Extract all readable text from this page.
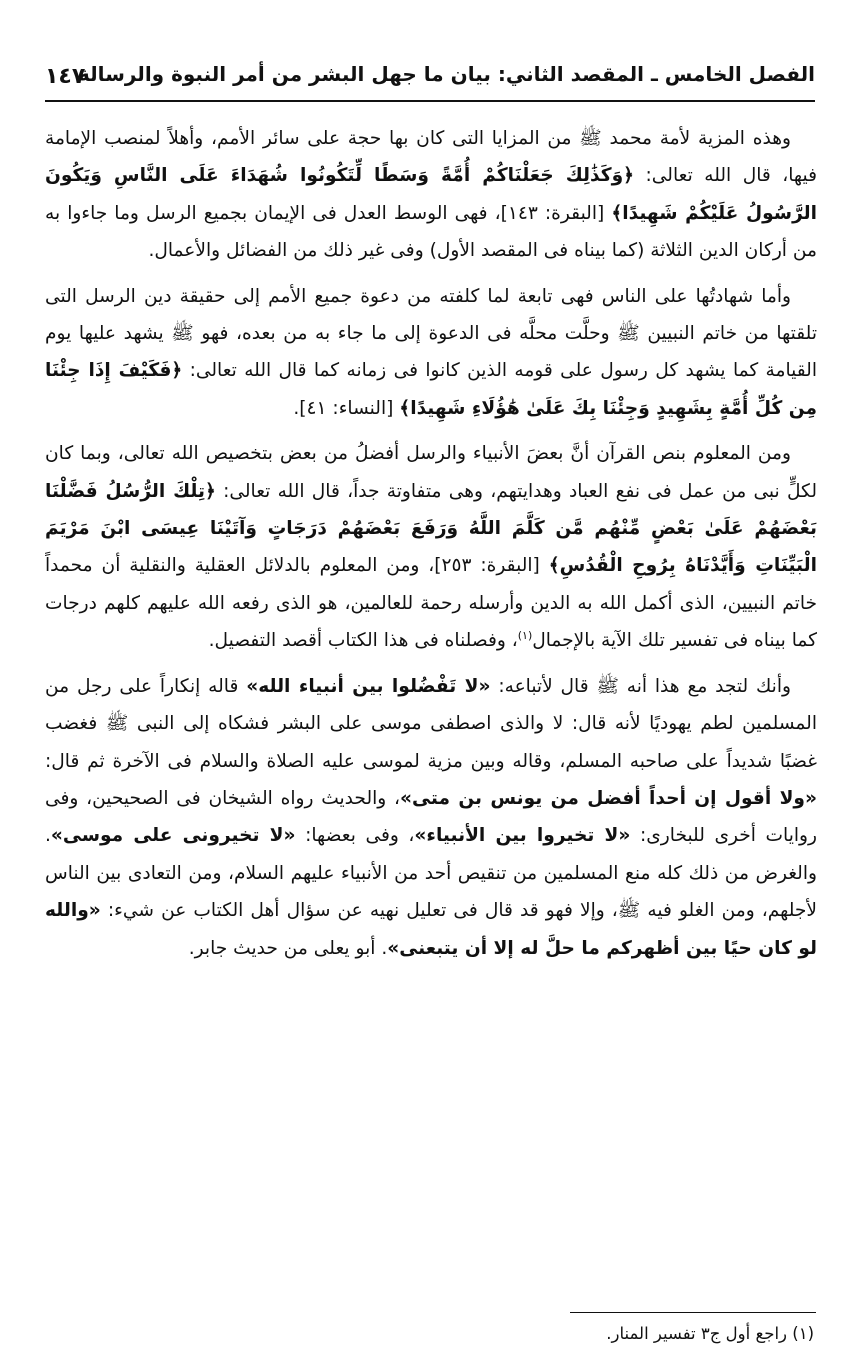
الفصل الخامس ـ المقصد الثاني: بيان ما جهل البشر من أمر النبوة والرسالة
١٤٧

وهذه المزية لأمة محمد ﷺ من المزايا التى كان بها حجة على سائر الأمم، وأهلاً لمنصب الإمامة فيها، قال الله تعالى: ﴿وَكَذَٰلِكَ جَعَلْنَاكُمْ أُمَّةً وَسَطًا لِّتَكُونُوا شُهَدَاءَ عَلَى النَّاسِ وَيَكُونَ الرَّسُولُ عَلَيْكُمْ شَهِيدًا﴾ [البقرة: ١٤٣]، فهى الوسط العدل فى الإيمان بجميع الرسل وما جاءوا به من أركان الدين الثلاثة (كما بيناه فى المقصد الأول) وفى غير ذلك من الفضائل والأعمال.

وأما شهادتُها على الناس فهى تابعة لما كلفته من دعوة جميع الأمم إلى حقيقة دين الرسل التى تلقتها من خاتم النبيين ﷺ وحلَّت محلَّه فى الدعوة إلى ما جاء به من بعده، فهو ﷺ يشهد عليها يوم القيامة كما يشهد كل رسول على قومه الذين كانوا فى زمانه كما قال الله تعالى: ﴿فَكَيْفَ إِذَا جِئْنَا مِن كُلِّ أُمَّةٍ بِشَهِيدٍ وَجِئْنَا بِكَ عَلَىٰ هَٰؤُلَاءِ شَهِيدًا﴾ [النساء: ٤١].

ومن المعلوم بنص القرآن أنَّ بعضَ الأنبياء والرسل أفضلُ من بعض بتخصيص الله تعالى، وبما كان لكلٍّ نبى من عمل فى نفع العباد وهدايتهم، وهى متفاوتة جداً، قال الله تعالى: ﴿تِلْكَ الرُّسُلُ فَضَّلْنَا بَعْضَهُمْ عَلَىٰ بَعْضٍ مِّنْهُم مَّن كَلَّمَ اللَّهُ وَرَفَعَ بَعْضَهُمْ دَرَجَاتٍ وَآتَيْنَا عِيسَى ابْنَ مَرْيَمَ الْبَيِّنَاتِ وَأَيَّدْنَاهُ بِرُوحِ الْقُدُسِ﴾ [البقرة: ٢٥٣]، ومن المعلوم بالدلائل العقلية والنقلية أن محمداً خاتم النبيين، الذى أكمل الله به الدين وأرسله رحمة للعالمين، هو الذى رفعه الله عليهم كلهم درجات كما بيناه فى تفسير تلك الآية بالإجمال$^{(١)}$، وفصلناه فى هذا الكتاب أقصد التفصيل.

وأنك لتجد مع هذا أنه ﷺ قال لأتباعه: «لا تَفْضُلوا بين أنبياء الله» قاله إنكاراً على رجل من المسلمين لطم يهوديًا لأنه قال: لا والذى اصطفى موسى على البشر فشكاه إلى النبى ﷺ فغضب غضبًا شديداً على صاحبه المسلم، وقاله وبين مزية لموسى عليه الصلاة والسلام فى الآخرة ثم قال: «ولا أقول إن أحداً أفضل من يونس بن متى»، والحديث رواه الشيخان فى الصحيحين، وفى روايات أخرى للبخارى: «لا تخيروا بين الأنبياء»، وفى بعضها: «لا تخيرونى على موسى». والغرض من ذلك كله منع المسلمين من تنقيص أحد من الأنبياء عليهم السلام، ومن التعادى بين الناس لأجلهم، ومن الغلو فيه ﷺ، وإلا فهو قد قال فى تعليل نهيه عن سؤال أهل الكتاب عن شيء: «والله لو كان حيًا بين أظهركم ما حلَّ له إلا أن يتبعنى». أبو يعلى من حديث جابر.

(١) راجع أول ج٣ تفسير المنار.
